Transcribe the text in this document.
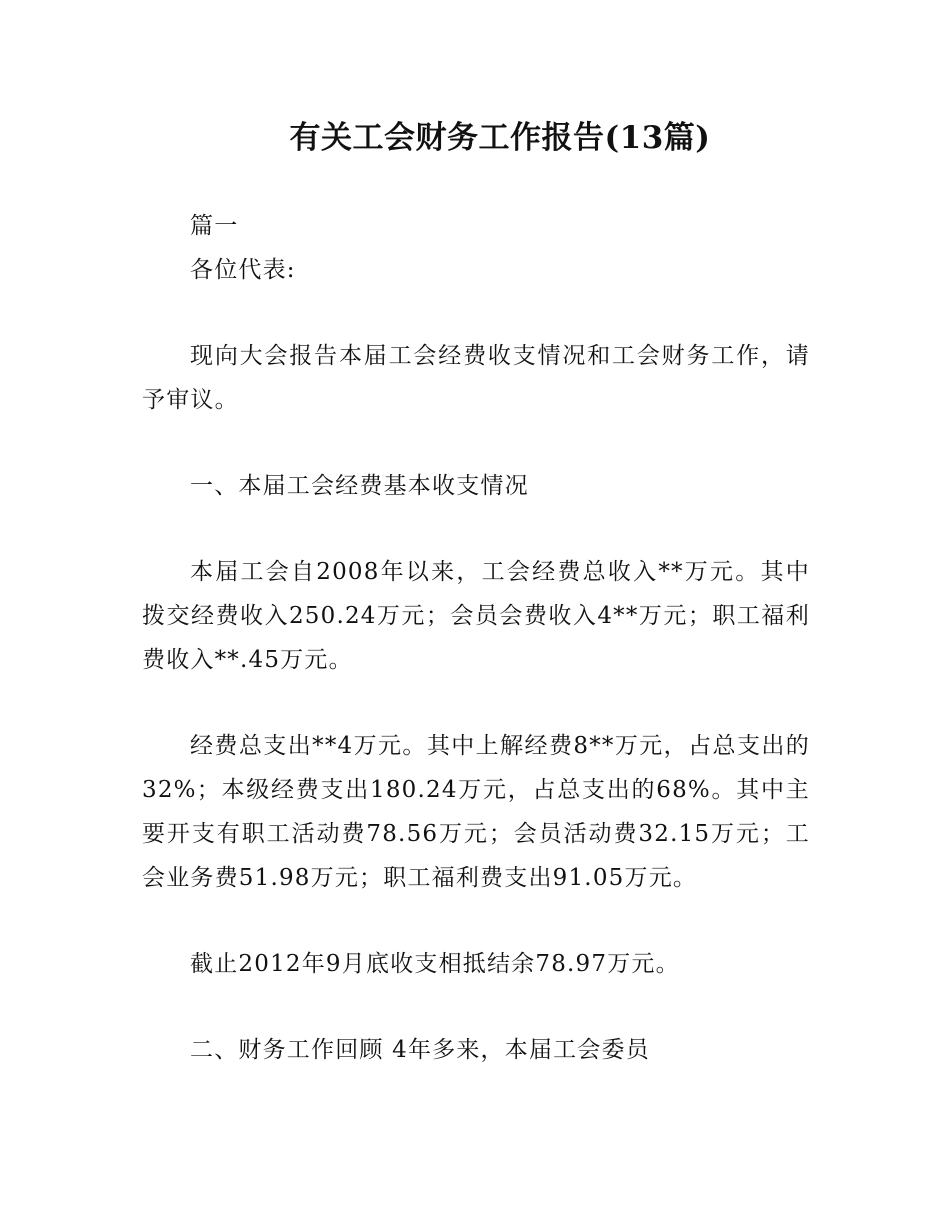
有关工会财务工作报告(13篇)

篇一

各位代表:

现向大会报告本届工会经费收支情况和工会财务工作，请予审议。

一、本届工会经费基本收支情况

本届工会自2008年以来，工会经费总收入**万元。其中拨交经费收入250.24万元；会员会费收入4**万元；职工福利费收入**.45万元。

经费总支出**4万元。其中上解经费8**万元，占总支出的32%；本级经费支出180.24万元，占总支出的68%。其中主要开支有职工活动费78.56万元；会员活动费32.15万元；工会业务费51.98万元；职工福利费支出91.05万元。

截止2012年9月底收支相抵结余78.97万元。

二、财务工作回顾 4年多来，本届工会委员
